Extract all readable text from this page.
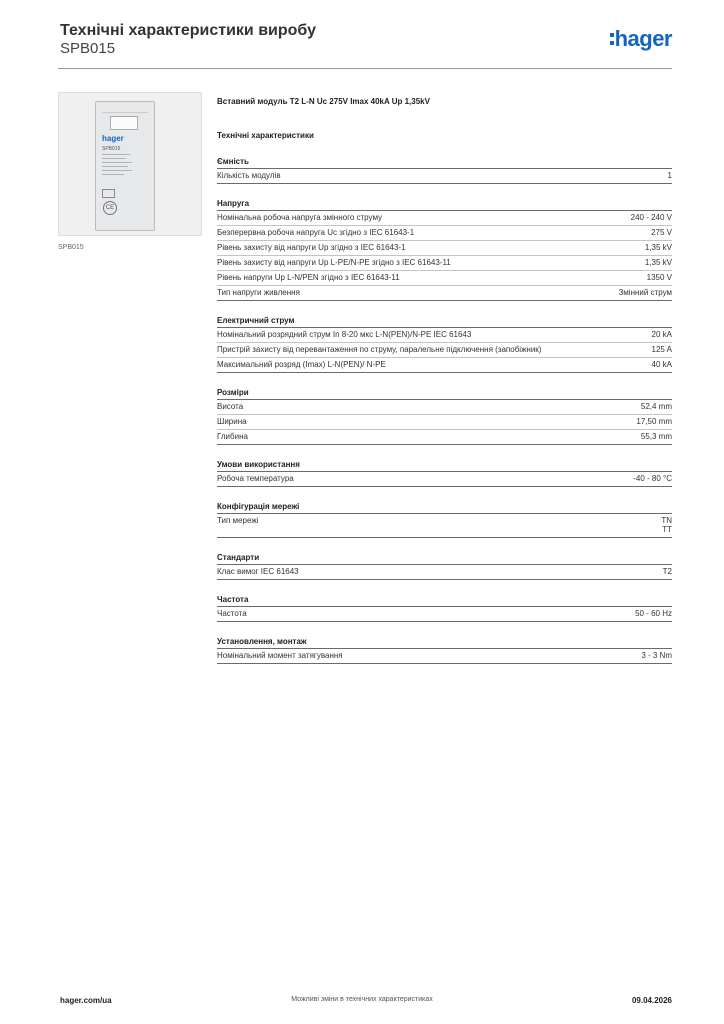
Технічні характеристики виробу
SPB015	hager
hager
SPB015
CE
SPB015
Вставний модуль T2 L-N Uc 275V Imax 40kA Up 1,35kV
Технічні характеристики
Ємність
Кількість модулів	1
Напруга
Номінальна робоча напруга змінного струму	240 - 240 V
Безперервна робоча напруга Uc згідно з IEC 61643-1	275 V
Рівень захисту від напруги Up згідно з IEC 61643-1	1,35 kV
Рівень захисту від напруги Up L-PE/N-PE згідно з IEC 61643-11	1,35 kV
Рівень напруги Up L-N/PEN згідно з IEC 61643-11	1350 V
Тип напруги живлення	Змінний струм
Електричний струм
Номінальний розрядний струм In 8-20 мкс L-N(PEN)/N-PE IEC 61643	20 kA
Пристрій захисту від перевантаження по струму, паралельне підключення (запобіжник)	125 A
Максимальний розряд (Imax) L-N(PEN)/ N-PE	40 kA
Розміри
Висота	52,4 mm
Ширина	17,50 mm
Глибина	55,3 mm
Умови використання
Робоча температура	-40 - 80 °C
Конфігурація мережі
Тип мережі	TN
TT
Стандарти
Клас вимог IEC 61643	T2
Частота
Частота	50 - 60 Hz
Установлення, монтаж
Номінальний момент затягування	3 - 3 Nm
hager.com/ua	Можливі зміни в технічних характеристиках	09.04.2026
